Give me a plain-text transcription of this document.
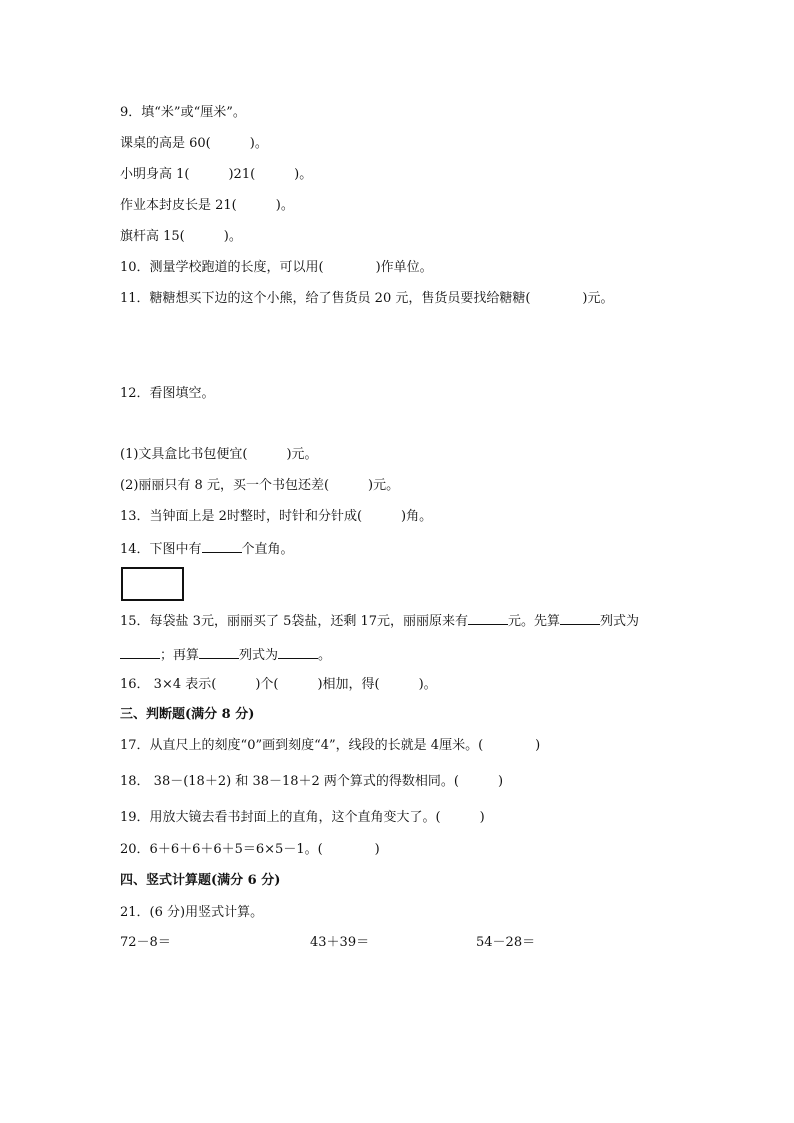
9．填“米”或“厘米”。
课桌的高是 60(　　　)。
小明身高 1(　　　)21(　　　)。
作业本封皮长是 21(　　　)。
旗杆高 15(　　　)。
10．测量学校跑道的长度，可以用(　　　　)作单位。
11．糖糖想买下边的这个小熊，给了售货员 20 元，售货员要找给糖糖(　　　　)元。
12．看图填空。
(1)文具盒比书包便宜(　　　)元。
(2)丽丽只有 8 元，买一个书包还差(　　　)元。
13．当钟面上是 2时整时，时针和分针成(　　　)角。
14．下图中有	个直角。
15．每袋盐 3元，丽丽买了 5袋盐，还剩 17元，丽丽原来有	元。先算	列式为
；再算	列式为	。
16． 3×4 表示(　　　)个(　　　)相加，得(　　　)。
三、判断题(满分 8 分)
17．从直尺上的刻度“0”画到刻度“4”，线段的长就是 4厘米。(　　　　)
18． 38－(18＋2) 和 38－18＋2 两个算式的得数相同。(　　　)
19．用放大镜去看书封面上的直角，这个直角变大了。(　　　)
20．6＋6＋6＋6＋5＝6×5－1。(　　　　)
四、竖式计算题(满分 6 分)
21．(6 分)用竖式计算。
72－8＝	43＋39＝	54－28＝
